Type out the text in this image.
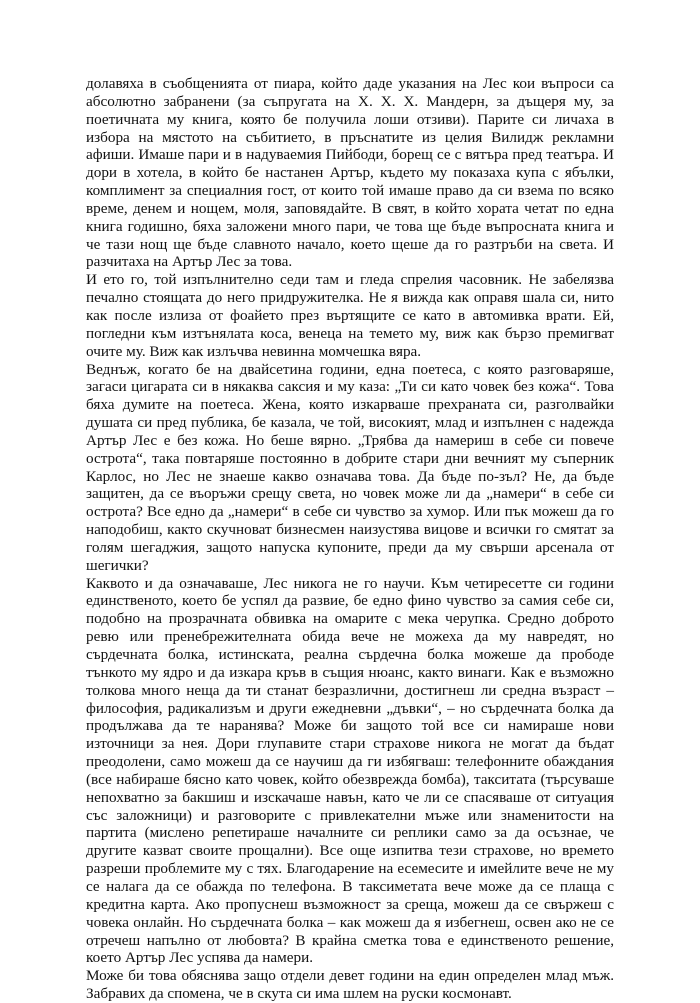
долавяха в съобщенията от пиара, който даде указания на Лес кои въпроси са абсолютно забранени (за съпругата на Х. Х. Х. Мандерн, за дъщеря му, за поетичната му книга, която бе получила лоши отзиви). Парите си личаха в избора на мястото на събитието, в пръснатите из целия Вилидж рекламни афиши. Имаше пари и в надуваемия Пийбоди, борещ се с вятъра пред театъра. И дори в хотела, в който бе настанен Артър, където му показаха купа с ябълки, комплимент за специалния гост, от които той имаше право да си взема по всяко време, денем и нощем, моля, заповядайте. В свят, в който хората четат по една книга годишно, бяха заложени много пари, че това ще бъде въпросната книга и че тази нощ ще бъде славното начало, което щеше да го разтръби на света. И разчитаха на Артър Лес за това.

И ето го, той изпълнително седи там и гледа спрелия часовник. Не забелязва печално стоящата до него придружителка. Не я вижда как оправя шала си, нито как после излиза от фоайето през въртящите се като в автомивка врати. Ей, погледни към изтънялата коса, венеца на темето му, виж как бързо премигват очите му. Виж как излъчва невинна момчешка вяра.

Веднъж, когато бе на двайсетина години, една поетеса, с която разговаряше, загаси цигарата си в някаква саксия и му каза: „Ти си като човек без кожа“. Това бяха думите на поетеса. Жена, която изкарваше прехраната си, разголвайки душата си пред публика, бе казала, че той, високият, млад и изпълнен с надежда Артър Лес е без кожа. Но беше вярно. „Трябва да намериш в себе си повече острота“, така повтаряше постоянно в добрите стари дни вечният му съперник Карлос, но Лес не знаеше какво означава това. Да бъде по-зъл? Не, да бъде защитен, да се въоръжи срещу света, но човек може ли да „намери“ в себе си острота? Все едно да „намери“ в себе си чувство за хумор. Или пък можеш да го наподобиш, както скучноват бизнесмен наизустява вицове и всички го смятат за голям шегаджия, защото напуска купоните, преди да му свърши арсенала от шегички?

Каквото и да означаваше, Лес никога не го научи. Към четиресетте си години единственото, което бе успял да развие, бе едно фино чувство за самия себе си, подобно на прозрачната обвивка на омарите с мека черупка. Средно доброто ревю или пренебрежителната обида вече не можеха да му навредят, но сърдечната болка, истинската, реална сърдечна болка можеше да прободе тънкото му ядро и да изкара кръв в същия нюанс, както винаги. Как е възможно толкова много неща да ти станат безразлични, достигнеш ли средна възраст – философия, радикализъм и други ежедневни „дъвки“, – но сърдечната болка да продължава да те наранява? Може би защото той все си намираше нови източници за нея. Дори глупавите стари страхове никога не могат да бъдат преодолени, само можеш да се научиш да ги избягваш: телефонните обаждания (все набираше бясно като човек, който обезврежда бомба), такситата (търсуваше непохватно за бакшиш и изскачаше навън, като че ли се спасяваше от ситуация със заложници) и разговорите с привлекателни мъже или знаменитости на партита (мислено репетираше началните си реплики само за да осъзнае, че другите казват своите прощални). Все още изпитва тези страхове, но времето разреши проблемите му с тях. Благодарение на есемесите и имейлите вече не му се налага да се обажда по телефона. В таксиметата вече може да се плаща с кредитна карта. Ако пропуснеш възможност за среща, можеш да се свържеш с човека онлайн. Но сърдечната болка – как можеш да я избегнеш, освен ако не се отречеш напълно от любовта? В крайна сметка това е единственото решение, което Артър Лес успява да намери.

Може би това обяснява защо отдели девет години на един определен млад мъж. Забравих да спомена, че в скута си има шлем на руски космонавт.
